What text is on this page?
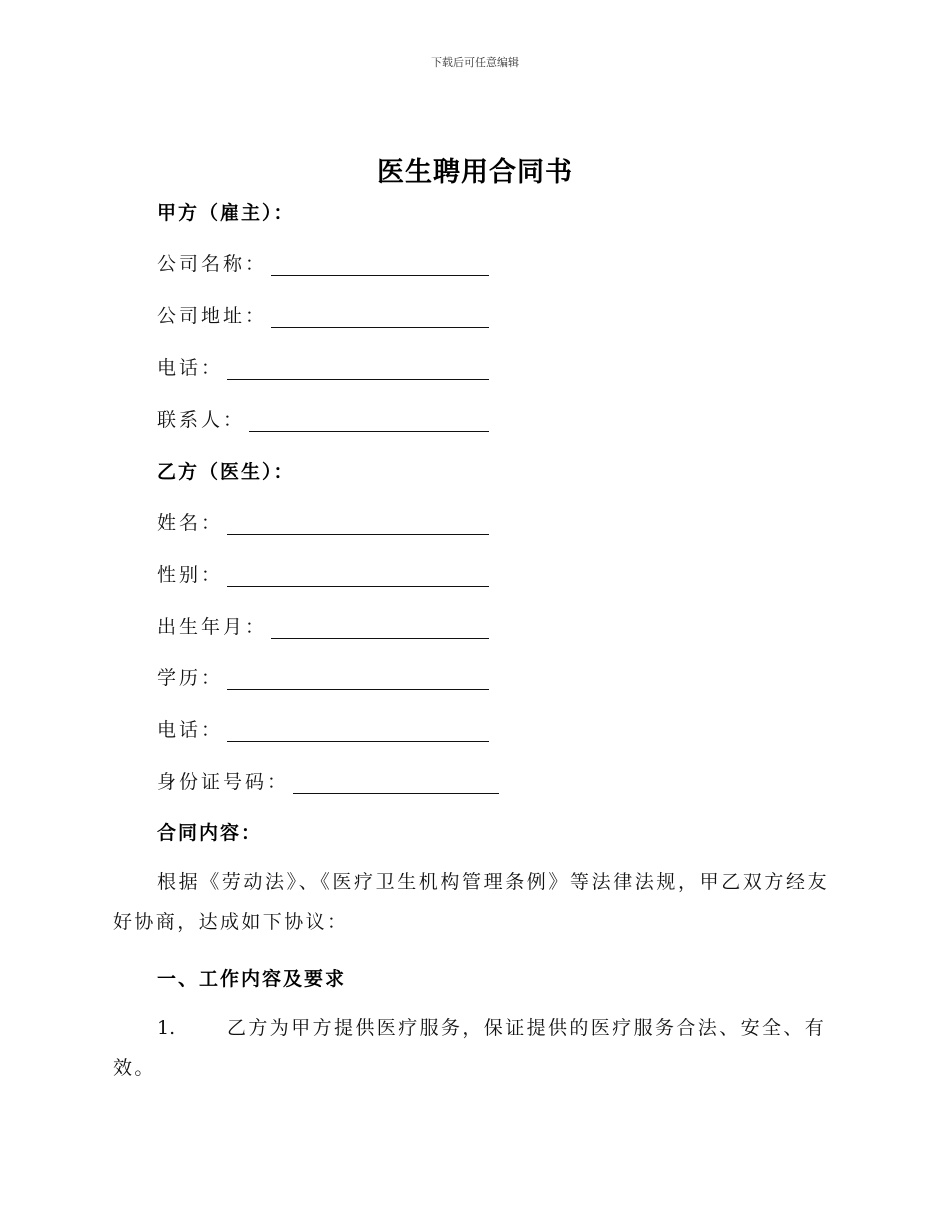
下载后可任意编辑
医生聘用合同书
甲方（雇主）：
公司名称：
公司地址：
电话：
联系人：
乙方（医生）：
姓名：
性别：
出生年月：
学历：
电话：
身份证号码：
合同内容：
根据《劳动法》、《医疗卫生机构管理条例》等法律法规，甲乙双方经友好协商，达成如下协议：
一、工作内容及要求
1.	乙方为甲方提供医疗服务，保证提供的医疗服务合法、安全、有效。
